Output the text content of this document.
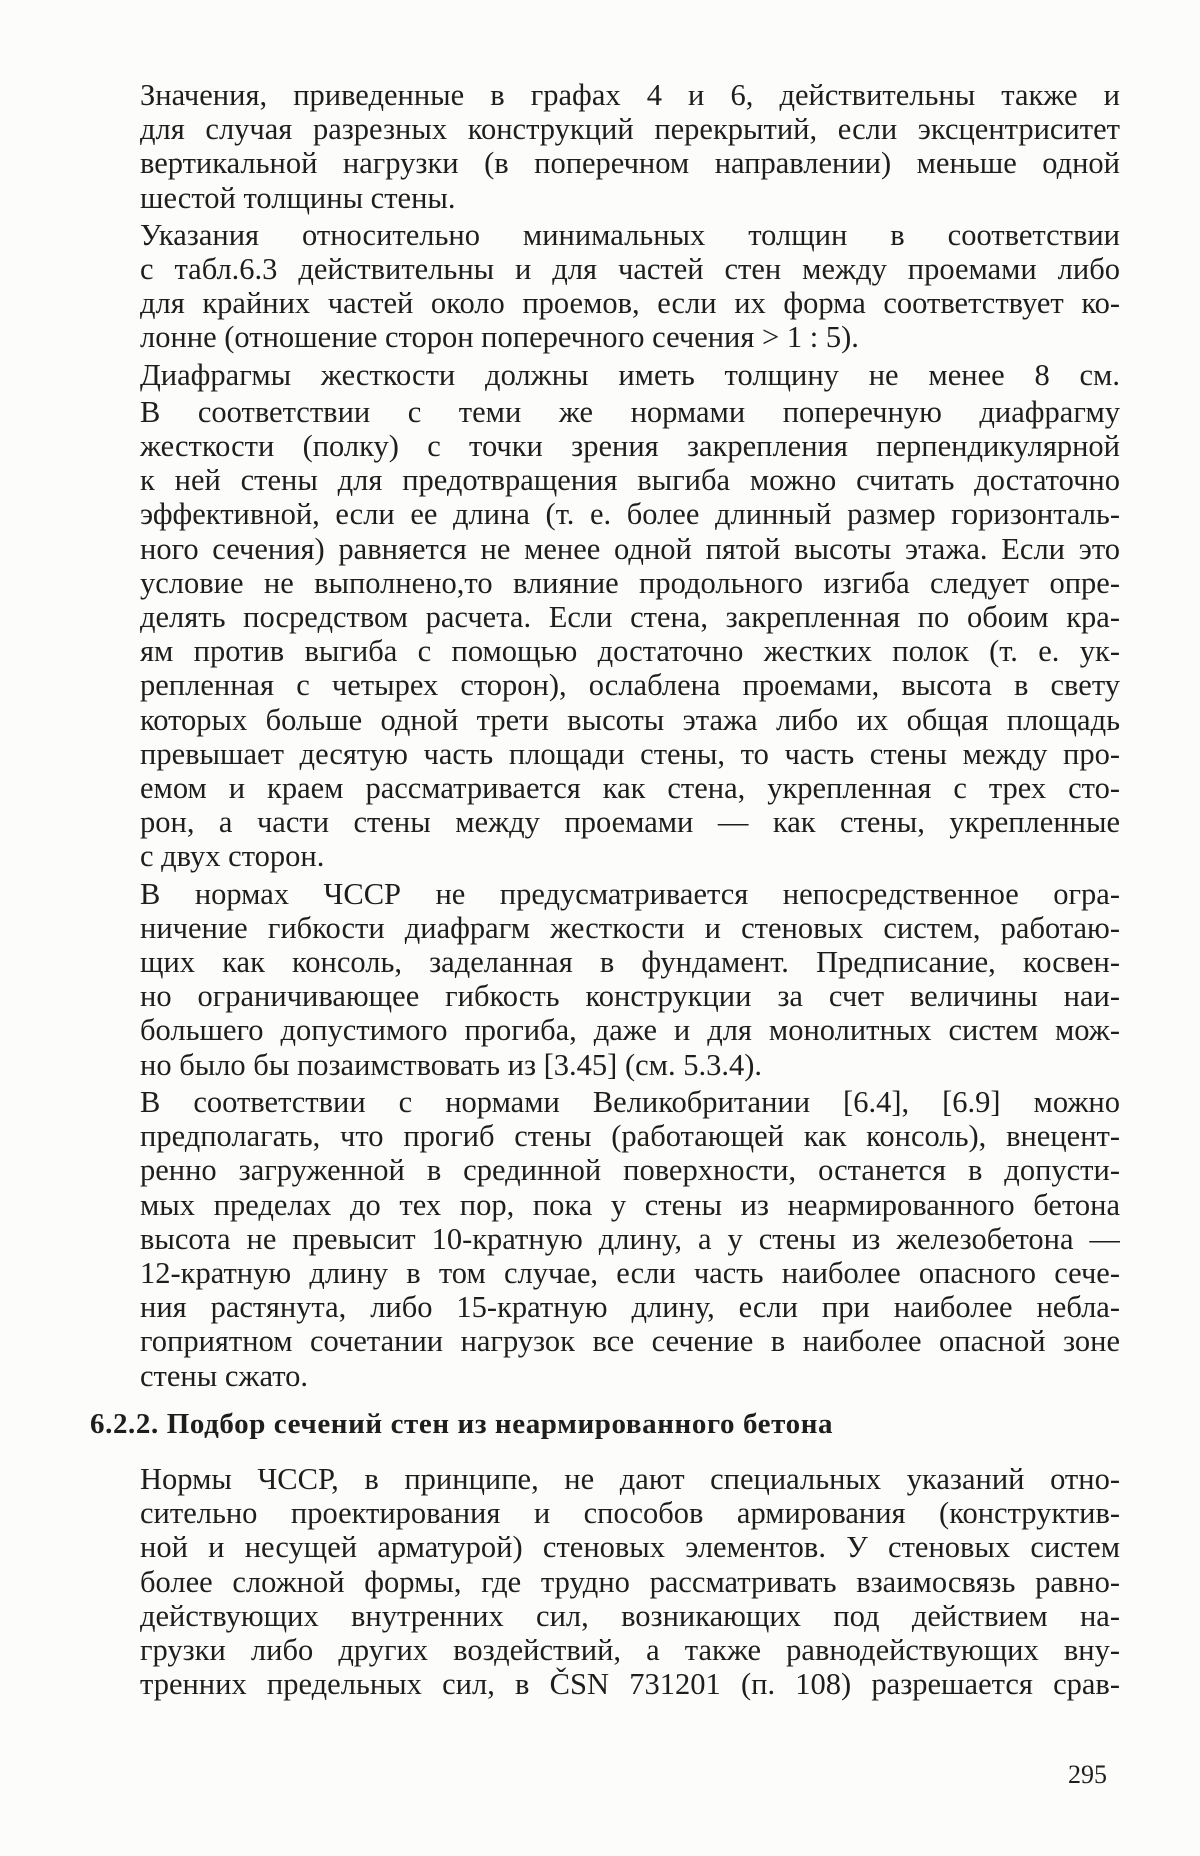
Значения, приведенные в графах 4 и 6, действительны также и
для случая разрезных конструкций перекрытий, если эксцентриситет
вертикальной нагрузки (в поперечном направлении) меньше одной
шестой толщины стены.
Указания относительно минимальных толщин в соответствии
с табл.6.3 действительны и для частей стен между проемами либо
для крайних частей около проемов, если их форма соответствует ко-
лонне (отношение сторон поперечного сечения > 1 : 5).
Диафрагмы жесткости должны иметь толщину не менее 8 см.
В соответствии с теми же нормами поперечную диафрагму
жесткости (полку) с точки зрения закрепления перпендикулярной
к ней стены для предотвращения выгиба можно считать достаточно
эффективной, если ее длина (т. е. более длинный размер горизонталь-
ного сечения) равняется не менее одной пятой высоты этажа. Если это
условие не выполнено,то влияние продольного изгиба следует опре-
делять посредством расчета. Если стена, закрепленная по обоим кра-
ям против выгиба с помощью достаточно жестких полок (т. е. ук-
репленная с четырех сторон), ослаблена проемами, высота в свету
которых больше одной трети высоты этажа либо их общая площадь
превышает десятую часть площади стены, то часть стены между про-
емом и краем рассматривается как стена, укрепленная с трех сто-
рон, а части стены между проемами — как стены, укрепленные
с двух сторон.
В нормах ЧССР не предусматривается непосредственное огра-
ничение гибкости диафрагм жесткости и стеновых систем, работаю-
щих как консоль, заделанная в фундамент. Предписание, косвен-
но ограничивающее гибкость конструкции за счет величины наи-
большего допустимого прогиба, даже и для монолитных систем мож-
но было бы позаимствовать из [3.45] (см. 5.3.4).
В соответствии с нормами Великобритании [6.4], [6.9] можно
предполагать, что прогиб стены (работающей как консоль), внецент-
ренно загруженной в срединной поверхности, останется в допусти-
мых пределах до тех пор, пока у стены из неармированного бетона
высота не превысит 10-кратную длину, а у стены из железобетона —
12-кратную длину в том случае, если часть наиболее опасного сече-
ния растянута, либо 15-кратную длину, если при наиболее небла-
гоприятном сочетании нагрузок все сечение в наиболее опасной зоне
стены сжато.
6.2.2. Подбор сечений стен из неармированного бетона
Нормы ЧССР, в принципе, не дают специальных указаний отно-
сительно проектирования и способов армирования (конструктив-
ной и несущей арматурой) стеновых элементов. У стеновых систем
более сложной формы, где трудно рассматривать взаимосвязь равно-
действующих внутренних сил, возникающих под действием на-
грузки либо других воздействий, а также равнодействующих вну-
тренних предельных сил, в ČSN 731201 (п. 108) разрешается срав-
295
